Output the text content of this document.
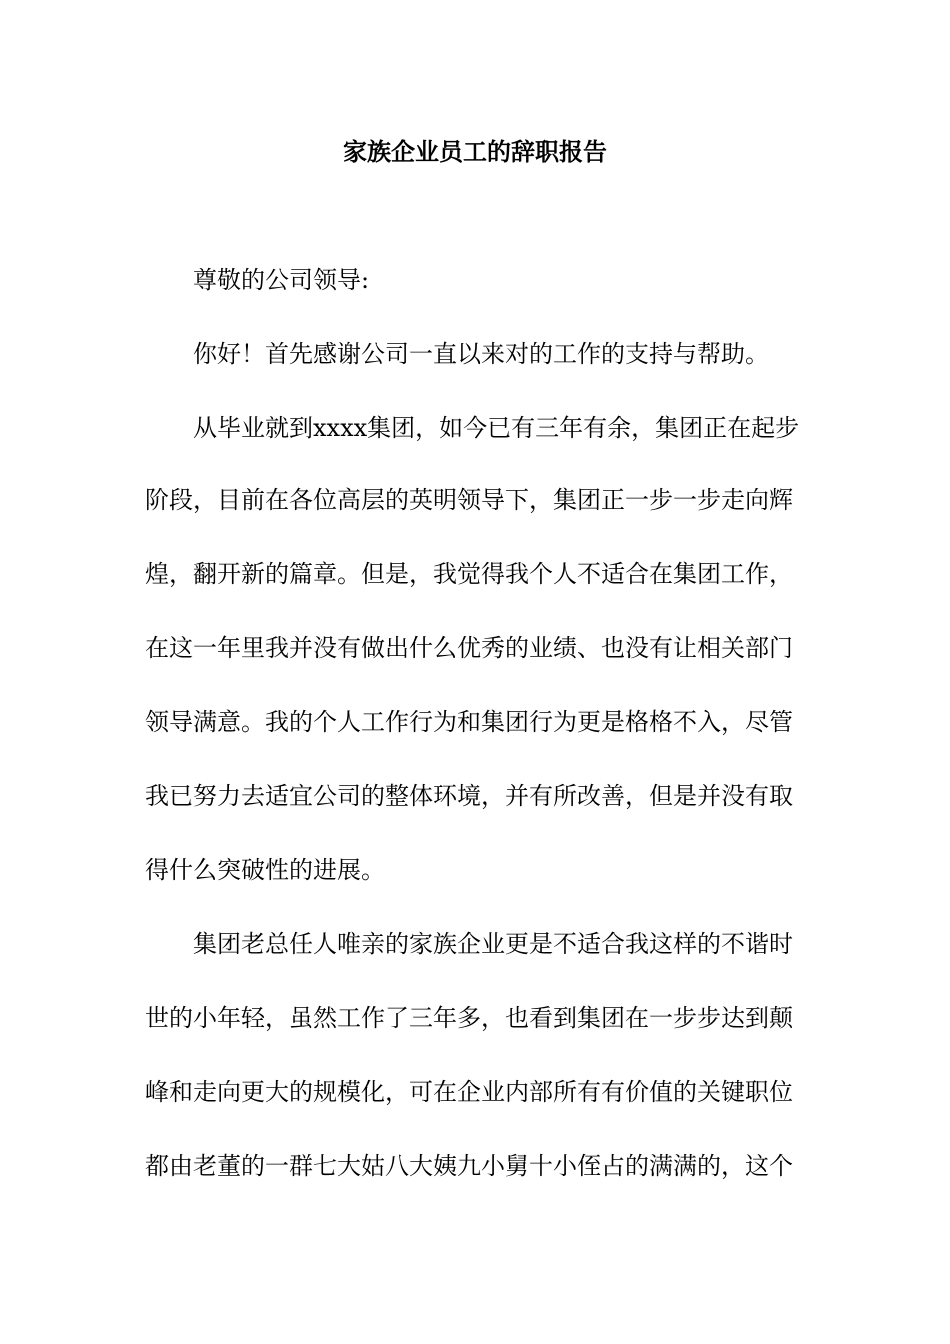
家族企业员工的辞职报告
尊敬的公司领导:
你好！首先感谢公司一直以来对的工作的支持与帮助。
从毕业就到xxxx集团，如今已有三年有余，集团正在起步
阶段，目前在各位高层的英明领导下，集团正一步一步走向辉
煌，翻开新的篇章。但是，我觉得我个人不适合在集团工作，
在这一年里我并没有做出什么优秀的业绩、也没有让相关部门
领导满意。我的个人工作行为和集团行为更是格格不入，尽管
我已努力去适宜公司的整体环境，并有所改善，但是并没有取
得什么突破性的进展。
集团老总任人唯亲的家族企业更是不适合我这样的不谐时
世的小年轻，虽然工作了三年多，也看到集团在一步步达到颠
峰和走向更大的规模化，可在企业内部所有有价值的关键职位
都由老董的一群七大姑八大姨九小舅十小侄占的满满的，这个
